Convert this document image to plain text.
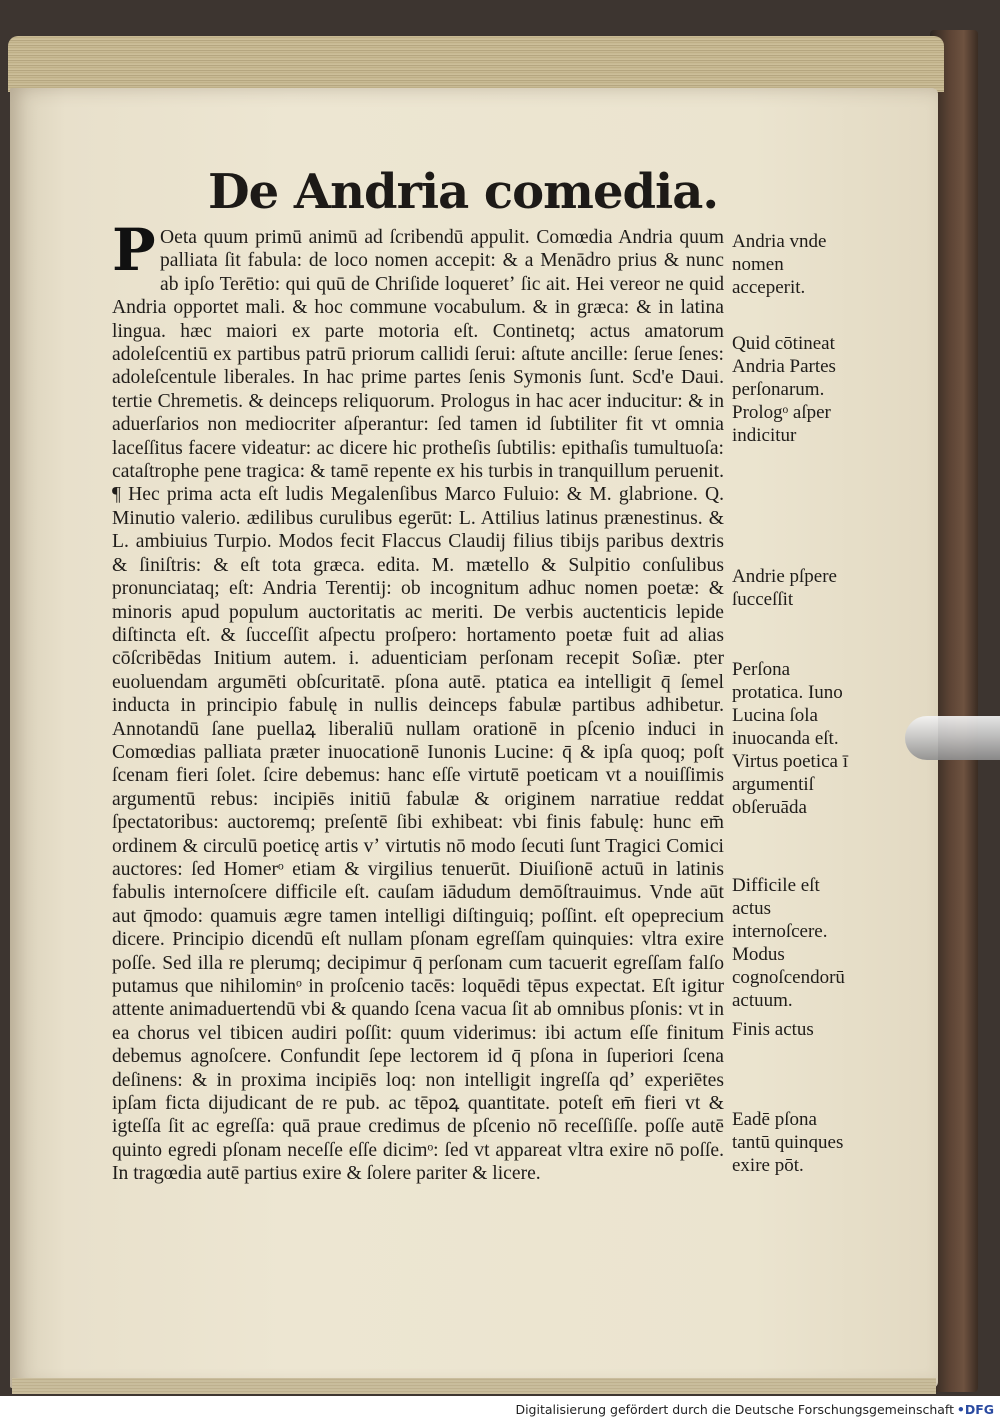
De Andria comedia.

P Oeta quum primū animū ad ſcribendū appulit. Comœdia Andria quum palliata ſit fabula: de loco nomen accepit: & a Menādro prius & nunc ab ipſo Terētio: qui quū de Chriſide loqueretʼ ſic ait. Hei vereor ne quid Andria opportet mali. & hoc commune vocabulum. & in græca: & in latina lingua. hæc maiori ex parte motoria eſt. Continetq; actus amatorum adoleſcentiū ex partibus patrū priorum callidi ſerui: aſtute ancille: ſerue ſenes: adoleſcentule liberales. In hac prime partes ſenis Symonis ſunt. Scd'e Daui. tertie Chremetis. & deinceps reliquorum. Prologus in hac acer inducitur: & in aduerſarios non mediocriter aſperantur: ſed tamen id ſubtiliter fit vt omnia laceſſitus facere videatur: ac dicere hic protheſis ſubtilis: epithaſis tumultuoſa: cataſtrophe pene tragica: & tamē repente ex his turbis in tranquillum peruenit. ¶ Hec prima acta eſt ludis Megalenſibus Marco Fuluio: & M. glabrione. Q. Minutio valerio. ædilibus curulibus egerūt: L. Attilius latinus prænestinus. & L. ambiuius Turpio. Modos fecit Flaccus Claudij filius tibijs paribus dextris & ſiniſtris: & eſt tota græca. edita. M. mætello & Sulpitio conſulibus pronunciataq; eſt: Andria Terentij: ob incognitum adhuc nomen poetæ: & minoris apud populum auctoritatis ac meriti. De verbis auctenticis lepide diſtincta eſt. & ſucceſſit aſpectu proſpero: hortamento poetæ fuit ad alias cōſcribēdas Initium autem. i. aduenticiam perſonam recepit Soſiæ. pter euoluendam argumēti obſcuritatē. pſona autē. ptatica ea intelligit q̄ ſemel inducta in principio fabulę in nullis deinceps fabulæ partibus adhibetur. Annotandū ſane puellaꝝ liberaliū nullam orationē in pſcenio induci in Comœdias palliata præter inuocationē Iunonis Lucine: q̄ & ipſa quoq; poſt ſcenam fieri ſolet. ſcire debemus: hanc eſſe virtutē poeticam vt a nouiſſimis argumentū rebus: incipiēs initiū fabulæ & originem narratiue reddat ſpectatoribus: auctoremq; preſentē ſibi exhibeat: vbi finis fabulę: hunc em̄ ordinem & circulū poeticę artis vʼ virtutis nō modo ſecuti ſunt Tragici Comici auctores: ſed Homerᵒ etiam & virgilius tenuerūt. Diuiſionē actuū in latinis fabulis internoſcere difficile eſt. cauſam iādudum demōſtrauimus. Vnde aūt aut q̄modo: quamuis ægre tamen intelligi diſtinguiq; poſſint. eſt opeprecium dicere. Principio dicendū eſt nullam pſonam egreſſam quinquies: vltra exire poſſe. Sed illa re plerumq; decipimur q̄ perſonam cum tacuerit egreſſam falſo putamus que nihilominᵒ in proſcenio tacēs: loquēdi tēpus expectat. Eſt igitur attente animaduertendū vbi & quando ſcena vacua ſit ab omnibus pſonis: vt in ea chorus vel tibicen audiri poſſit: quum viderimus: ibi actum eſſe finitum debemus agnoſcere. Confundit ſepe lectorem id q̄ pſona in ſuperiori ſcena deſinens: & in proxima incipiēs loq: non intelligit ingreſſa qdʼ experiētes ipſam ficta dijudicant de re pub. ac tēpoꝝ quantitate. poteſt em̄ fieri vt & igteſſa ſit ac egreſſa: quā praue credimus de pſcenio nō receſſiſſe. poſſe autē quinto egredi pſonam neceſſe eſſe dicimᵒ: ſed vt appareat vltra exire nō poſſe. In tragœdia autē partius exire & ſolere pariter & licere.

Andria vnde nomen acceperit.

Quid cōtineat Andria Partes perſonarum. Prologᵒ aſper indicitur

Andrie pſpere ſucceſſit

Perſona protatica. Iuno Lucina ſola inuocanda eſt. Virtus poetica ī argumentiſ obſeruāda

Difficile eſt actus internoſcere. Modus cognoſcendorū actuum.

Finis actus

Eadē pſona tantū quinques exire pōt.

Digitalisierung gefördert durch die Deutsche Forschungsgemeinschaft •DFG
